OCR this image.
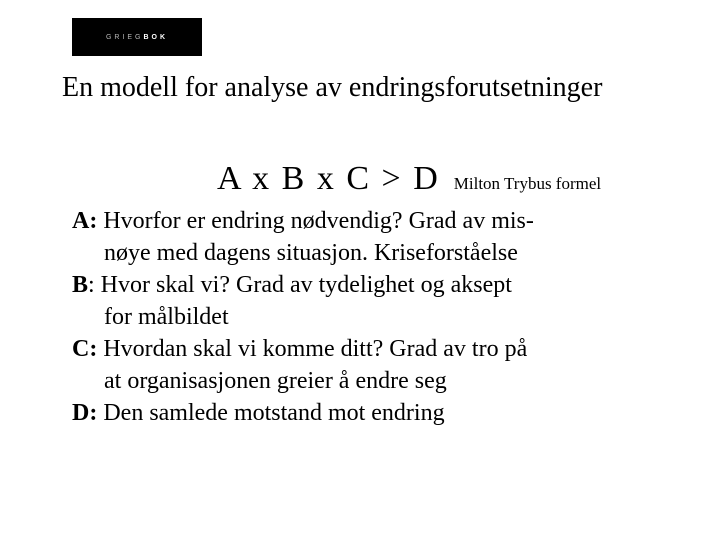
GRIEG BOK
En modell for analyse av endringsforutsetninger
A x B x C > D Milton Trybus formel
A: Hvorfor er endring nødvendig? Grad av mis-
nøye med dagens situasjon. Kriseforståelse
B: Hvor skal vi? Grad av tydelighet og aksept
for målbildet
C: Hvordan skal vi komme ditt? Grad av tro på
at organisasjonen greier å endre seg
D: Den samlede motstand mot endring
